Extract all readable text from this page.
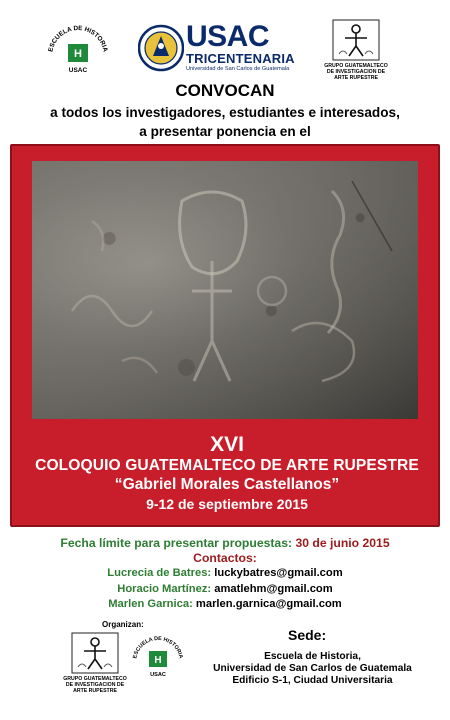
ESCUELA DE HISTORIA
H
USAC
USAC
TRICENTENARIA
Universidad de San Carlos de Guatemala	GRUPO GUATEMALTECO DE INVESTIGACION DE ARTE RUPESTRE
CONVOCAN
a todos los investigadores, estudiantes e interesados,
a presentar ponencia en el
XVI
COLOQUIO GUATEMALTECO DE ARTE RUPESTRE
“Gabriel Morales Castellanos”
9-12 de septiembre 2015
Fecha límite para presentar propuestas: 30 de junio 2015
Contactos:
Lucrecia de Batres: luckybatres@gmail.com
Horacio Martínez: amatlehm@gmail.com
Marlen Garnica: marlen.garnica@gmail.com
Organizan:
GRUPO GUATEMALTECO DE INVESTIGACION DE ARTE RUPESTRE
ESCUELA DE HISTORIA
H
USAC
Sede:
Escuela de Historia,
Universidad de San Carlos de Guatemala
Edificio S-1, Ciudad Universitaria
